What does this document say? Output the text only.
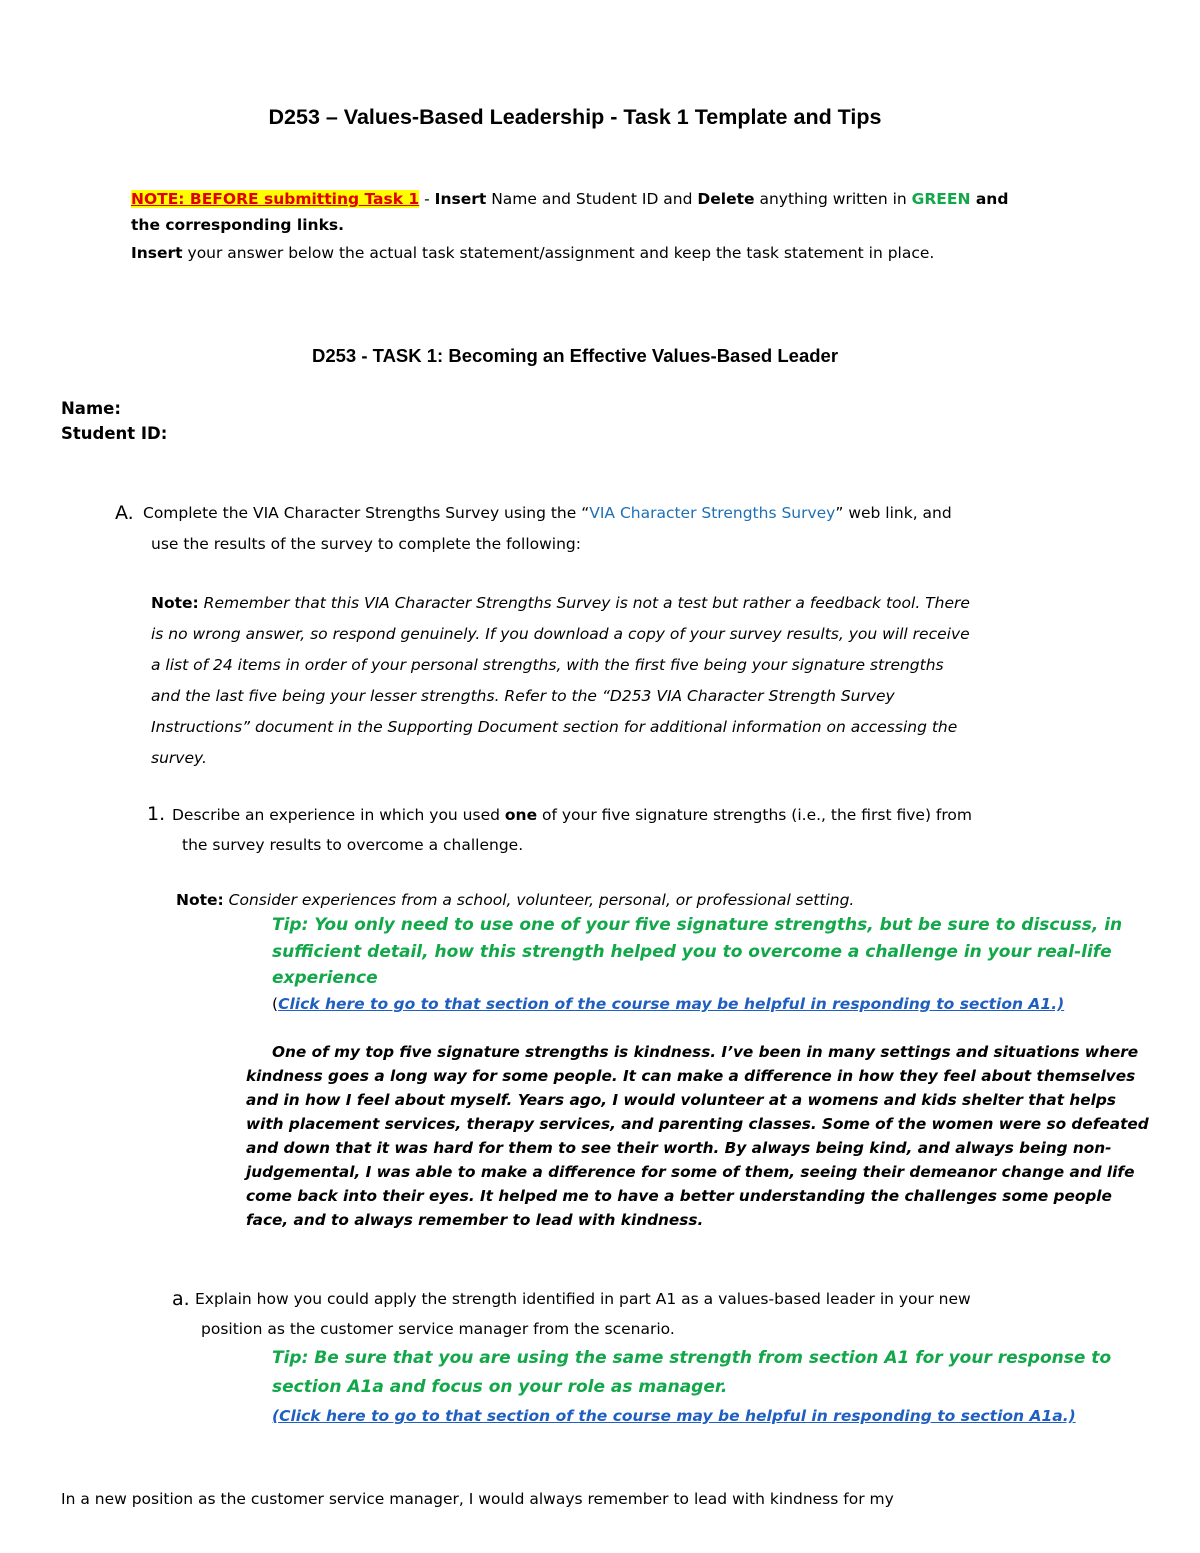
D253 – Values-Based Leadership - Task 1 Template and Tips
NOTE: BEFORE submitting Task 1 - Insert Name and Student ID and Delete anything written in GREEN and
the corresponding links.
Insert your answer below the actual task statement/assignment and keep the task statement in place.
D253 - TASK 1: Becoming an Effective Values-Based Leader
Name:
Student ID:
A. Complete the VIA Character Strengths Survey using the “VIA Character Strengths Survey” web link, and
use the results of the survey to complete the following:
Note: Remember that this VIA Character Strengths Survey is not a test but rather a feedback tool. There
is no wrong answer, so respond genuinely. If you download a copy of your survey results, you will receive
a list of 24 items in order of your personal strengths, with the first five being your signature strengths
and the last five being your lesser strengths. Refer to the “D253 VIA Character Strength Survey
Instructions” document in the Supporting Document section for additional information on accessing the
survey.
1. Describe an experience in which you used one of your five signature strengths (i.e., the first five) from
the survey results to overcome a challenge.
Note: Consider experiences from a school, volunteer, personal, or professional setting.
Tip: You only need to use one of your five signature strengths, but be sure to discuss, in
sufficient detail, how this strength helped you to overcome a challenge in your real-life
experience
(Click here to go to that section of the course may be helpful in responding to section A1.)
One of my top five signature strengths is kindness. I’ve been in many settings and situations where
kindness goes a long way for some people. It can make a difference in how they feel about themselves
and in how I feel about myself. Years ago, I would volunteer at a womens and kids shelter that helps
with placement services, therapy services, and parenting classes. Some of the women were so defeated
and down that it was hard for them to see their worth. By always being kind, and always being non-
judgemental, I was able to make a difference for some of them, seeing their demeanor change and life
come back into their eyes. It helped me to have a better understanding the challenges some people
face, and to always remember to lead with kindness.
a. Explain how you could apply the strength identified in part A1 as a values-based leader in your new
position as the customer service manager from the scenario.
Tip: Be sure that you are using the same strength from section A1 for your response to
section A1a and focus on your role as manager.
(Click here to go to that section of the course may be helpful in responding to section A1a.)
In a new position as the customer service manager, I would always remember to lead with kindness for my
